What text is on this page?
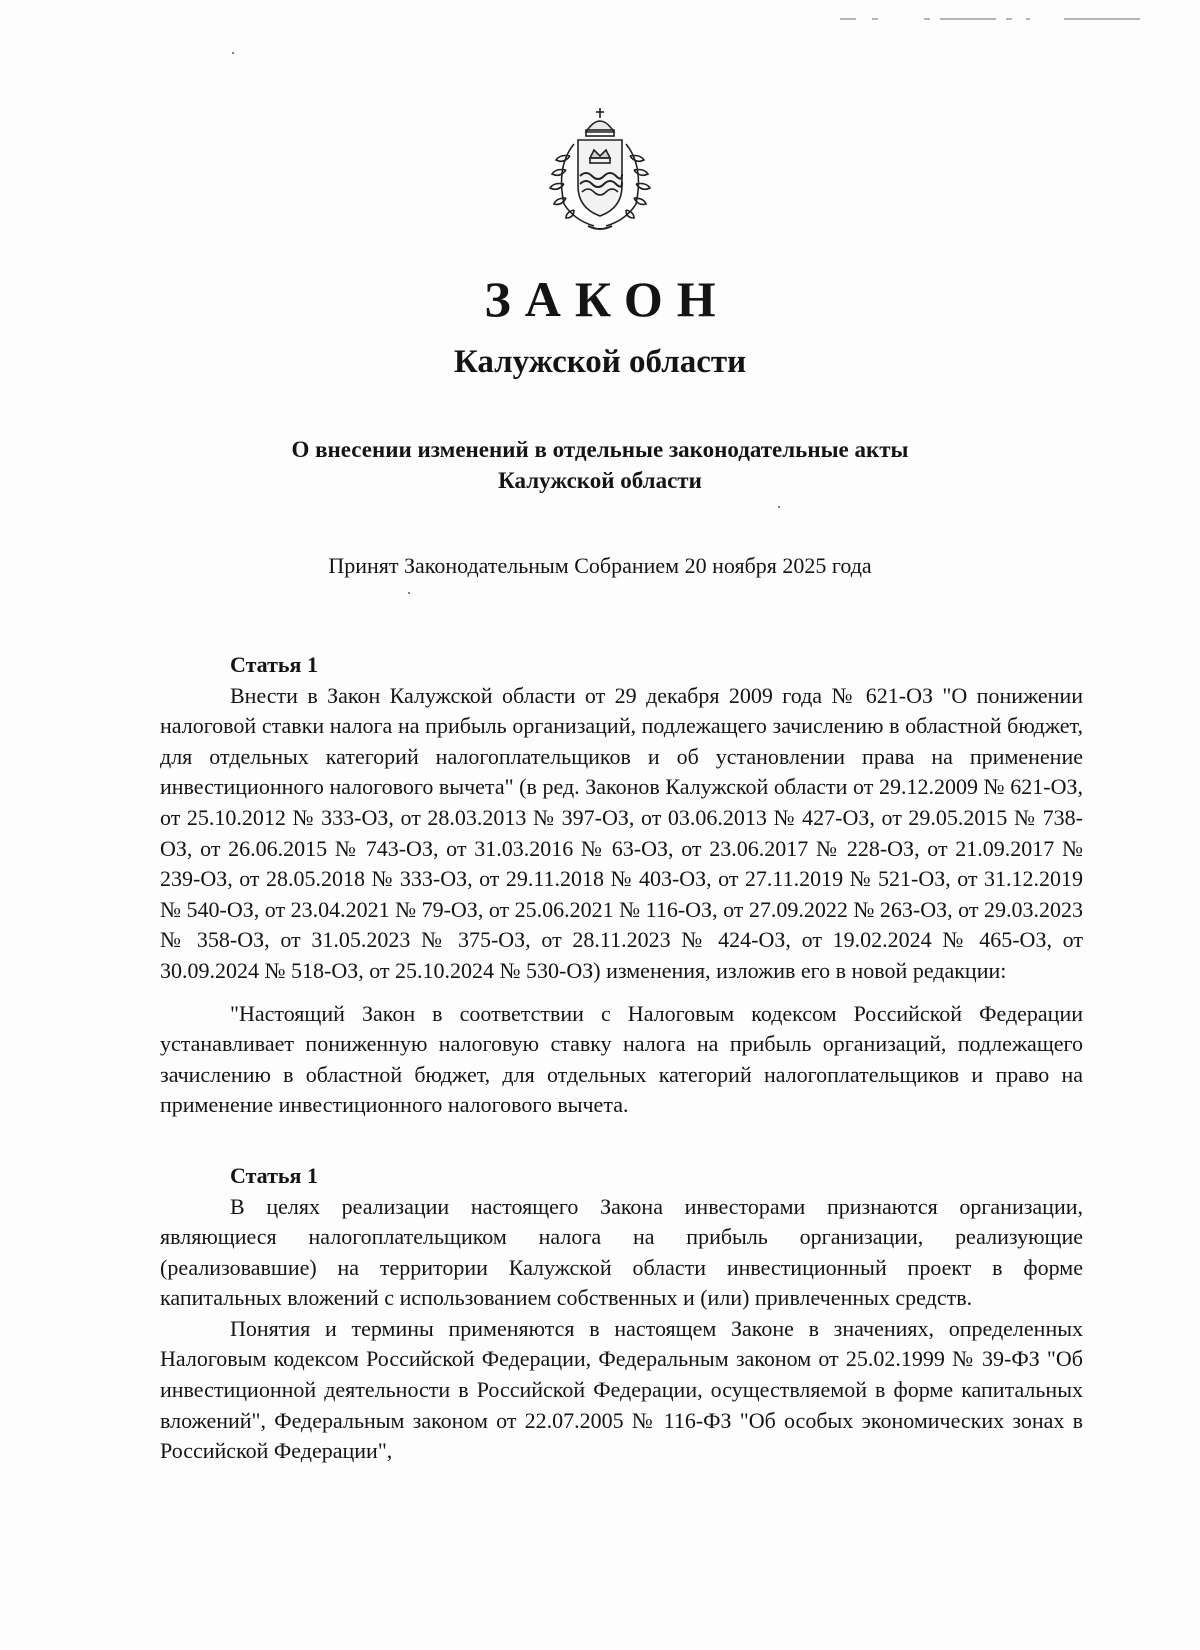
ЗАКОН
Калужской области
О внесении изменений в отдельные законодательные акты
Калужской области
Принят Законодательным Собранием 20 ноября 2025 года

Статья 1

Внести в Закон Калужской области от 29 декабря 2009 года № 621-ОЗ "О понижении налоговой ставки налога на прибыль организаций, подлежащего зачислению в областной бюджет, для отдельных категорий налогоплательщиков и об установлении права на применение инвестиционного налогового вычета" (в ред. Законов Калужской области от 29.12.2009 № 621-ОЗ, от 25.10.2012 № 333-ОЗ, от 28.03.2013 № 397-ОЗ, от 03.06.2013 № 427-ОЗ, от 29.05.2015 № 738-ОЗ, от 26.06.2015 № 743-ОЗ, от 31.03.2016 № 63-ОЗ, от 23.06.2017 № 228-ОЗ, от 21.09.2017 № 239-ОЗ, от 28.05.2018 № 333-ОЗ, от 29.11.2018 № 403-ОЗ, от 27.11.2019 № 521-ОЗ, от 31.12.2019 № 540-ОЗ, от 23.04.2021 № 79-ОЗ, от 25.06.2021 № 116-ОЗ, от 27.09.2022 № 263-ОЗ, от 29.03.2023 № 358-ОЗ, от 31.05.2023 № 375-ОЗ, от 28.11.2023 № 424-ОЗ, от 19.02.2024 № 465-ОЗ, от 30.09.2024 № 518-ОЗ, от 25.10.2024 № 530-ОЗ) изменения, изложив его в новой редакции:

"Настоящий Закон в соответствии с Налоговым кодексом Российской Федерации устанавливает пониженную налоговую ставку налога на прибыль организаций, подлежащего зачислению в областной бюджет, для отдельных категорий налогоплательщиков и право на применение инвестиционного налогового вычета.

Статья 1

В целях реализации настоящего Закона инвесторами признаются организации, являющиеся налогоплательщиком налога на прибыль организации, реализующие (реализовавшие) на территории Калужской области инвестиционный проект в форме капитальных вложений с использованием собственных и (или) привлеченных средств.

Понятия и термины применяются в настоящем Законе в значениях, определенных Налоговым кодексом Российской Федерации, Федеральным законом от 25.02.1999 № 39-ФЗ "Об инвестиционной деятельности в Российской Федерации, осуществляемой в форме капитальных вложений", Федеральным законом от 22.07.2005 № 116-ФЗ "Об особых экономических зонах в Российской Федерации",
